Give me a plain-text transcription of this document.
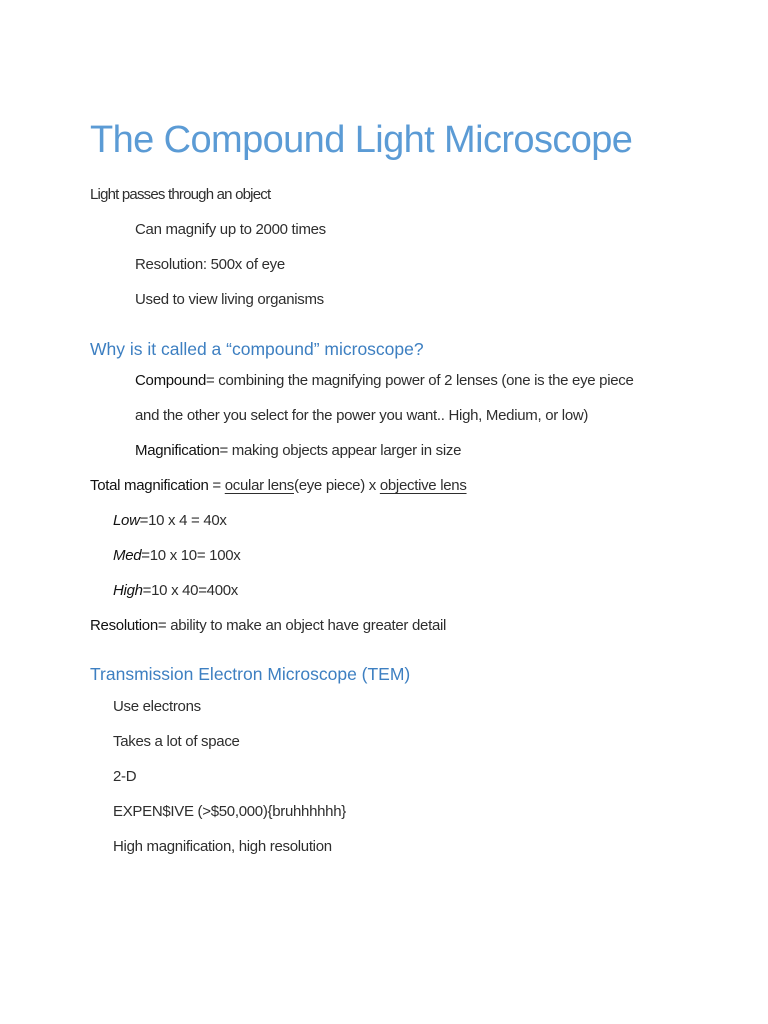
The Compound Light Microscope
Light passes through an object
Can magnify up to 2000 times
Resolution: 500x of eye
Used to view living organisms
Why is it called a “compound” microscope?
Compound= combining the magnifying power of 2 lenses (one is the eye piece
and the other you select for the power you want.. High, Medium, or low)
Magnification= making objects appear larger in size
Total magnification = ocular lens(eye piece) x objective lens
Low=10 x 4 = 40x
Med=10 x 10= 100x
High=10 x 40=400x
Resolution= ability to make an object have greater detail
Transmission Electron Microscope (TEM)
Use electrons
Takes a lot of space
2-D
EXPEN$IVE (>$50,000){bruhhhhhh}
High magnification, high resolution
